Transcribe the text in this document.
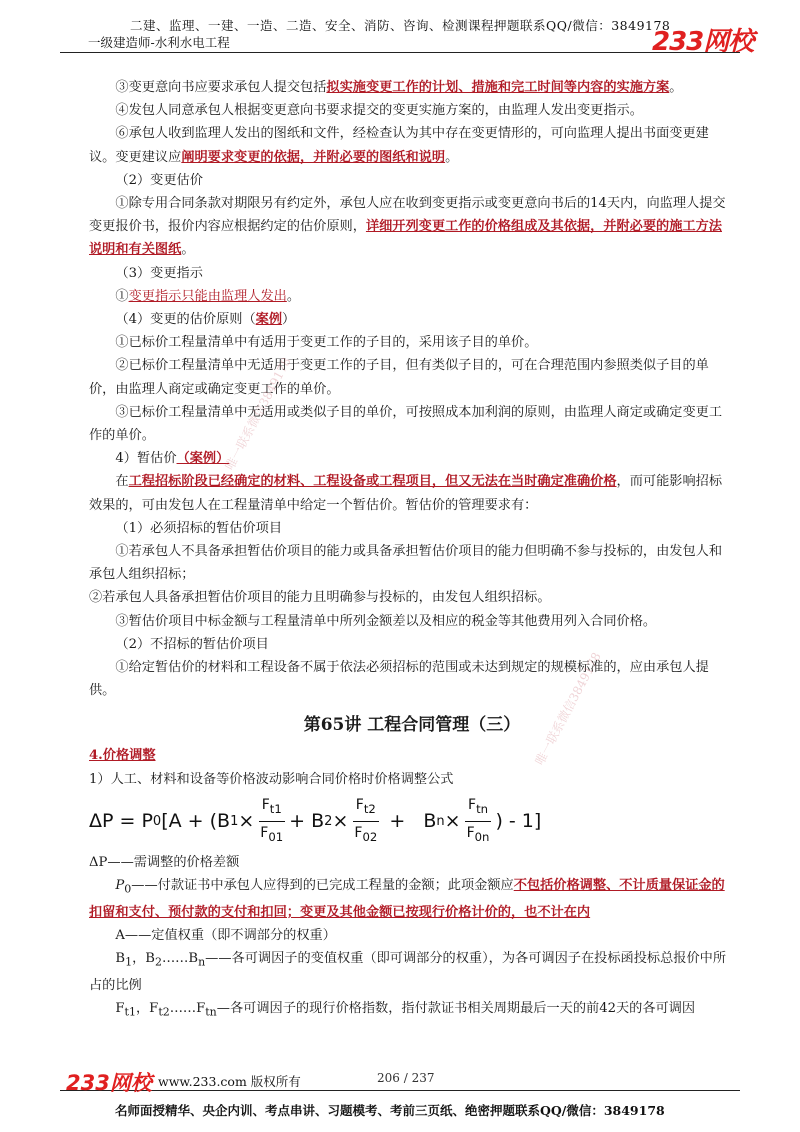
二建、监理、一建、一造、二造、安全、消防、咨询、检测课程押题联系QQ/微信：3849178
一级建造师-水利水电工程	233网校

③变更意向书应要求承包人提交包括拟实施变更工作的计划、措施和完工时间等内容的实施方案。

④发包人同意承包人根据变更意向书要求提交的变更实施方案的，由监理人发出变更指示。

⑥承包人收到监理人发出的图纸和文件，经检查认为其中存在变更情形的，可向监理人提出书面变更建议。变更建议应阐明要求变更的依据，并附必要的图纸和说明。

（2）变更估价

①除专用合同条款对期限另有约定外，承包人应在收到变更指示或变更意向书后的14天内，向监理人提交变更报价书，报价内容应根据约定的估价原则，详细开列变更工作的价格组成及其依据，并附必要的施工方法说明和有关图纸。

（3）变更指示

①变更指示只能由监理人发出。

（4）变更的估价原则（案例）

①已标价工程量清单中有适用于变更工作的子目的，采用该子目的单价。

②已标价工程量清单中无适用于变更工作的子目，但有类似子目的，可在合理范围内参照类似子目的单价，由监理人商定或确定变更工作的单价。

③已标价工程量清单中无适用或类似子目的单价，可按照成本加利润的原则，由监理人商定或确定变更工作的单价。

4）暂估价（案例）

在工程招标阶段已经确定的材料、工程设备或工程项目，但又无法在当时确定准确价格，而可能影响招标效果的，可由发包人在工程量清单中给定一个暂估价。暂估价的管理要求有：

（1）必须招标的暂估价项目

①若承包人不具备承担暂估价项目的能力或具备承担暂估价项目的能力但明确不参与投标的，由发包人和承包人组织招标；

②若承包人具备承担暂估价项目的能力且明确参与投标的，由发包人组织招标。

③暂估价项目中标金额与工程量清单中所列金额差以及相应的税金等其他费用列入合同价格。

（2）不招标的暂估价项目

①给定暂估价的材料和工程设备不属于依法必须招标的范围或未达到规定的规模标准的，应由承包人提供。

第65讲 工程合同管理（三）

4.价格调整

1）人工、材料和设备等价格波动影响合同价格时价格调整公式

ΔP = P 0 [A + (B $1 \times \frac{F_{t1}}{F_{01}} + B$ $2 \times \frac{F_{t2}}{F_{02}} + B$ $n \times \frac{F_{tn}}{F_{0n}}$ ) - 1]

ΔP——需调整的价格差额

$P_0——$付款证书中承包人应得到的已完成工程量的金额；此项金额应不包括价格调整、不计质量保证金的扣留和支付、预付款的支付和扣回；变更及其他金额已按现行价格计价的，也不计在内

A——定值权重（即不调部分的权重）

$B_1$，$B_2\dots\dots B_n——$各可调因子的变值权重（即可调部分的权重），为各可调因子在投标函投标总报价中所占的比例

$F_{t1}$，$F_{t2}\dots\dots F_{tn}—$各可调因子的现行价格指数，指付款证书相关周期最后一天的前42天的各可调因

唯一联系微信3849178
唯一联系微信3849178
233网校 www.233.com 版权所有	206 / 237
名师面授精华、央企内训、考点串讲、习题模考、考前三页纸、绝密押题联系QQ/微信：3849178
